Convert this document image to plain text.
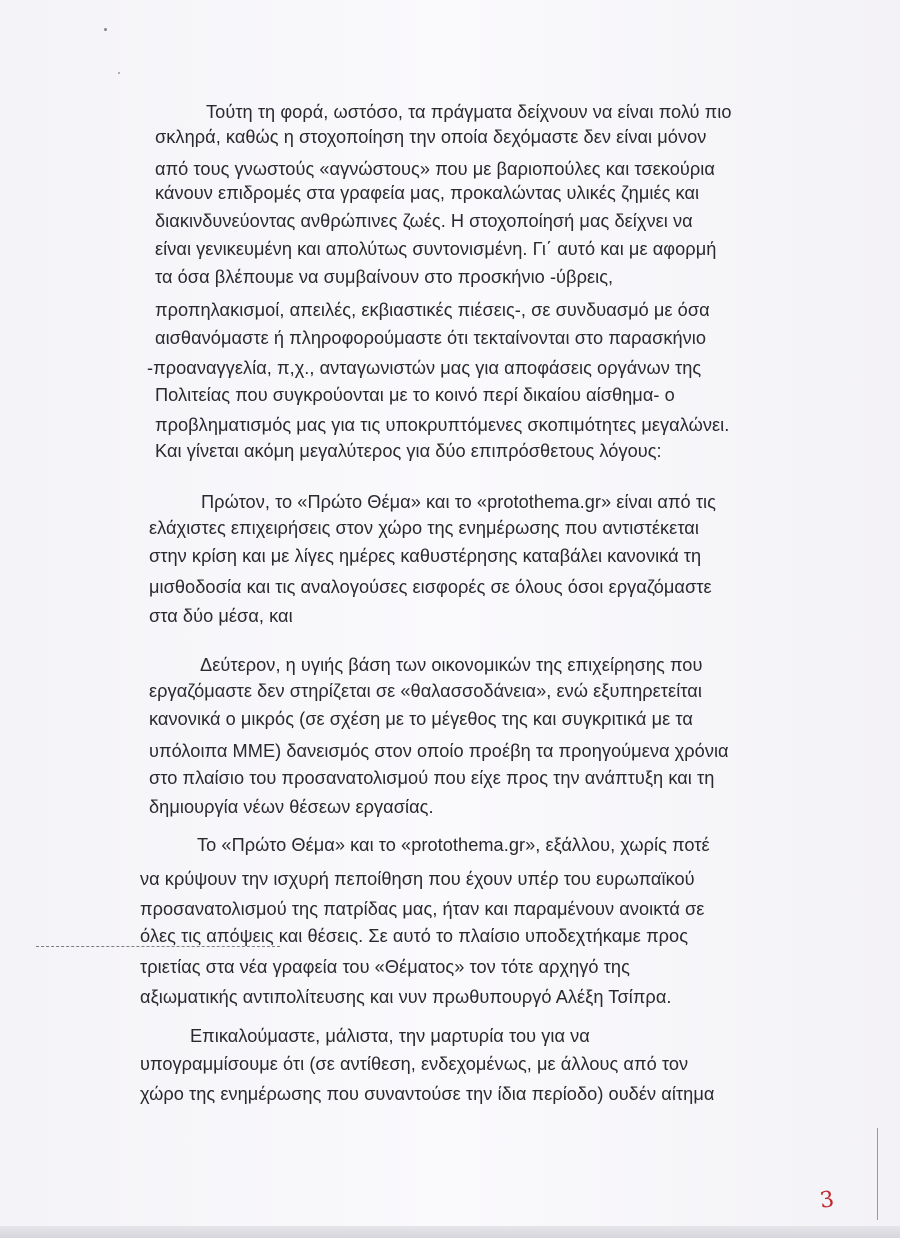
Τούτη τη φορά, ωστόσο, τα πράγματα δείχνουν να είναι πολύ πιο
σκληρά, καθώς η στοχοποίηση την οποία δεχόμαστε δεν είναι μόνον
από τους γνωστούς «αγνώστους» που με βαριοπούλες και τσεκούρια
κάνουν επιδρομές στα γραφεία μας, προκαλώντας υλικές ζημιές και
διακινδυνεύοντας ανθρώπινες ζωές. Η στοχοποίησή μας δείχνει να
είναι γενικευμένη και απολύτως συντονισμένη. Γι΄ αυτό και με αφορμή
τα όσα βλέπουμε να συμβαίνουν στο προσκήνιο -ύβρεις,
προπηλακισμοί, απειλές, εκβιαστικές πιέσεις-, σε συνδυασμό με όσα
αισθανόμαστε ή πληροφορούμαστε ότι τεκταίνονται στο παρασκήνιο
-προαναγγελία, π,χ., ανταγωνιστών μας για αποφάσεις οργάνων της
Πολιτείας που συγκρούονται με το κοινό περί δικαίου αίσθημα- ο
προβληματισμός μας για τις υποκρυπτόμενες σκοπιμότητες μεγαλώνει.
Και γίνεται ακόμη μεγαλύτερος για δύο επιπρόσθετους λόγους:
Πρώτον, το «Πρώτο Θέμα» και το «protothema.gr» είναι από τις
ελάχιστες επιχειρήσεις στον χώρο της ενημέρωσης που αντιστέκεται
στην κρίση και με λίγες ημέρες καθυστέρησης καταβάλει κανονικά τη
μισθοδοσία και τις αναλογούσες εισφορές σε όλους όσοι εργαζόμαστε
στα δύο μέσα, και
Δεύτερον, η υγιής βάση των οικονομικών της επιχείρησης που
εργαζόμαστε δεν στηρίζεται σε «θαλασσοδάνεια», ενώ εξυπηρετείται
κανονικά ο μικρός (σε σχέση με το μέγεθος της και συγκριτικά με τα
υπόλοιπα ΜΜΕ) δανεισμός στον οποίο προέβη τα προηγούμενα χρόνια
στο πλαίσιο του προσανατολισμού που είχε προς την ανάπτυξη και τη
δημιουργία νέων θέσεων εργασίας.
Το «Πρώτο Θέμα» και το «protothema.gr», εξάλλου, χωρίς ποτέ
να κρύψουν την ισχυρή πεποίθηση που έχουν υπέρ του ευρωπαϊκού
προσανατολισμού της πατρίδας μας, ήταν και παραμένουν ανοικτά σε
όλες τις απόψεις και θέσεις. Σε αυτό το πλαίσιο υποδεχτήκαμε προς
τριετίας στα νέα γραφεία του «Θέματος» τον τότε αρχηγό της
αξιωματικής αντιπολίτευσης και νυν πρωθυπουργό Αλέξη Τσίπρα.
Επικαλούμαστε, μάλιστα, την μαρτυρία του για να
υπογραμμίσουμε ότι (σε αντίθεση, ενδεχομένως, με άλλους από τον
χώρο της ενημέρωσης που συναντούσε την ίδια περίοδο) ουδέν αίτημα
3
